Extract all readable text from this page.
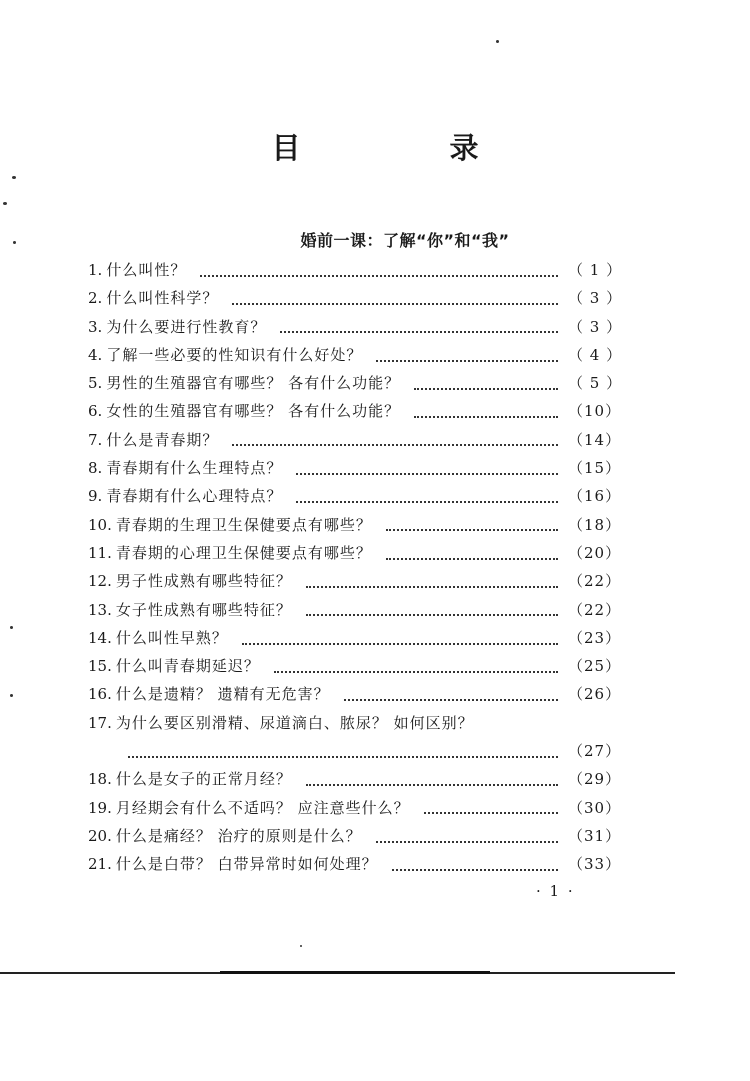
目　录
婚前一课：了解“你”和“我”
1. 什么叫性？	（ 1 ）
2. 什么叫性科学？	（ 3 ）
3. 为什么要进行性教育？	（ 3 ）
4. 了解一些必要的性知识有什么好处？	（ 4 ）
5. 男性的生殖器官有哪些？ 各有什么功能？	（ 5 ）
6. 女性的生殖器官有哪些？ 各有什么功能？	（10）
7. 什么是青春期？	（14）
8. 青春期有什么生理特点？	（15）
9. 青春期有什么心理特点？	（16）
10. 青春期的生理卫生保健要点有哪些？	（18）
11. 青春期的心理卫生保健要点有哪些？	（20）
12. 男子性成熟有哪些特征？	（22）
13. 女子性成熟有哪些特征？	（22）
14. 什么叫性早熟？	（23）
15. 什么叫青春期延迟？	（25）
16. 什么是遗精？ 遗精有无危害？	（26）
17. 为什么要区别滑精、尿道滴白、脓尿？ 如何区别？
（27）
18. 什么是女子的正常月经？	（29）
19. 月经期会有什么不适吗？ 应注意些什么？	（30）
20. 什么是痛经？ 治疗的原则是什么？	（31）
21. 什么是白带？ 白带异常时如何处理？	（33）
· 1 ·
